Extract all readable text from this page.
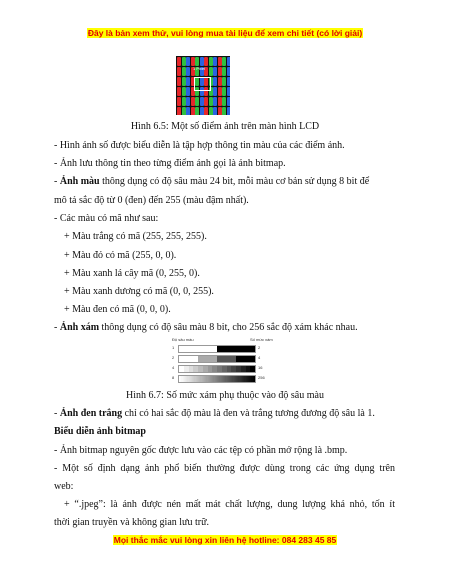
Đây là bản xem thử, vui lòng mua tài liệu để xem chi tiết (có lời giải)
1 Pixel
Hình 6.5: Một số điểm ảnh trên màn hình LCD
- Hình ảnh số được biểu diễn là tập hợp thông tin màu của các điểm ảnh.
- Ảnh lưu thông tin theo từng điểm ảnh gọi là ảnh bitmap.
- Ảnh màu thông dụng có độ sâu màu 24 bit, mỗi màu cơ bản sử dụng 8 bit để
mô tả sắc độ từ 0 (đen) đến 255 (màu đậm nhất).
- Các màu có mã như sau:
+ Màu trắng có mã (255, 255, 255).
+ Màu đỏ có mã (255, 0, 0).
+ Màu xanh lá cây mã (0, 255, 0).
+ Màu xanh dương có mã (0, 0, 255).
+ Màu đen có mã (0, 0, 0).
- Ảnh xám thông dụng có độ sâu màu 8 bit, cho 256 sắc độ xám khác nhau.
Độ sâu màu	Số mức xám
1	2
2	4
4	16
8	256
Hình 6.7: Số mức xám phụ thuộc vào độ sâu màu
- Ảnh đen trắng chỉ có hai sắc độ màu là đen và trắng tương đương độ sâu là 1.
Biểu diễn ảnh bitmap
- Ảnh bitmap nguyên gốc được lưu vào các tệp có phần mở rộng là .bmp.
- Một số định dạng ảnh phổ biến thường được dùng trong các ứng dụng trên
web:
+ “.jpeg”: là ảnh được nén mất mát chất lượng, dung lượng khá nhỏ, tốn ít
thời gian truyền và không gian lưu trữ.
Mọi thắc mắc vui lòng xin liên hệ hotline: 084 283 45 85
